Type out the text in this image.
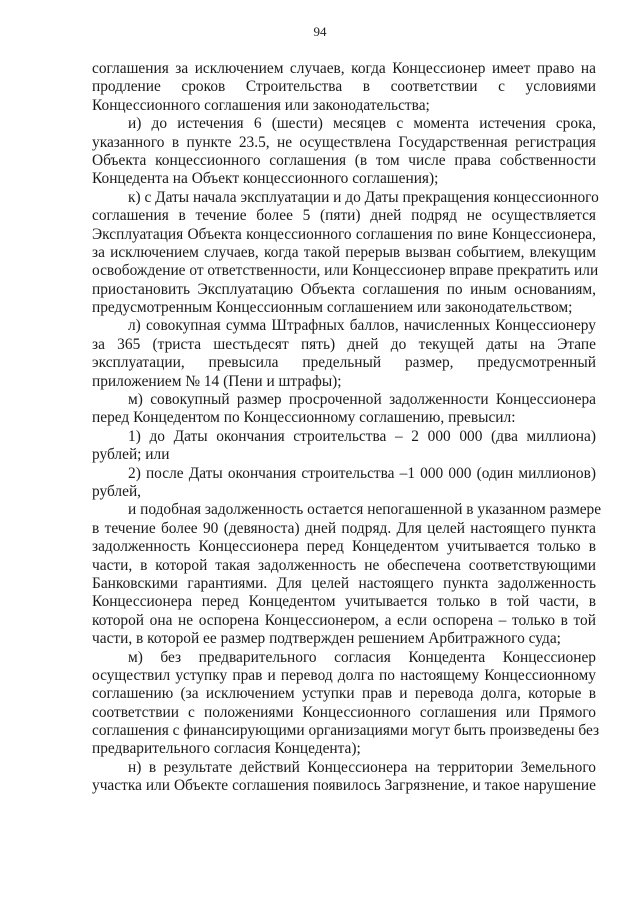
94
соглашения за исключением случаев, когда Концессионер имеет право на
продление сроков Строительства в соответствии с условиями
Концессионного соглашения или законодательства;
и) до истечения 6 (шести) месяцев с момента истечения срока,
указанного в пункте 23.5, не осуществлена Государственная регистрация
Объекта концессионного соглашения (в том числе права собственности
Концедента на Объект концессионного соглашения);
к) с Даты начала эксплуатации и до Даты прекращения концессионного
соглашения в течение более 5 (пяти) дней подряд не осуществляется
Эксплуатация Объекта концессионного соглашения по вине Концессионера,
за исключением случаев, когда такой перерыв вызван событием, влекущим
освобождение от ответственности, или Концессионер вправе прекратить или
приостановить Эксплуатацию Объекта соглашения по иным основаниям,
предусмотренным Концессионным соглашением или законодательством;
л) совокупная сумма Штрафных баллов, начисленных Концессионеру
за 365 (триста шестьдесят пять) дней до текущей даты на Этапе
эксплуатации, превысила предельный размер, предусмотренный
приложением № 14 (Пени и штрафы);
м) совокупный размер просроченной задолженности Концессионера
перед Концедентом по Концессионному соглашению, превысил:
1) до Даты окончания строительства – 2 000 000 (два миллиона)
рублей; или
2) после Даты окончания строительства –1 000 000 (один миллионов)
рублей,
и подобная задолженность остается непогашенной в указанном размере
в течение более 90 (девяноста) дней подряд. Для целей настоящего пункта
задолженность Концессионера перед Концедентом учитывается только в
части, в которой такая задолженность не обеспечена соответствующими
Банковскими гарантиями. Для целей настоящего пункта задолженность
Концессионера перед Концедентом учитывается только в той части, в
которой она не оспорена Концессионером, а если оспорена – только в той
части, в которой ее размер подтвержден решением Арбитражного суда;
м) без предварительного согласия Концедента Концессионер
осуществил уступку прав и перевод долга по настоящему Концессионному
соглашению (за исключением уступки прав и перевода долга, которые в
соответствии с положениями Концессионного соглашения или Прямого
соглашения с финансирующими организациями могут быть произведены без
предварительного согласия Концедента);
н) в результате действий Концессионера на территории Земельного
участка или Объекте соглашения появилось Загрязнение, и такое нарушение
